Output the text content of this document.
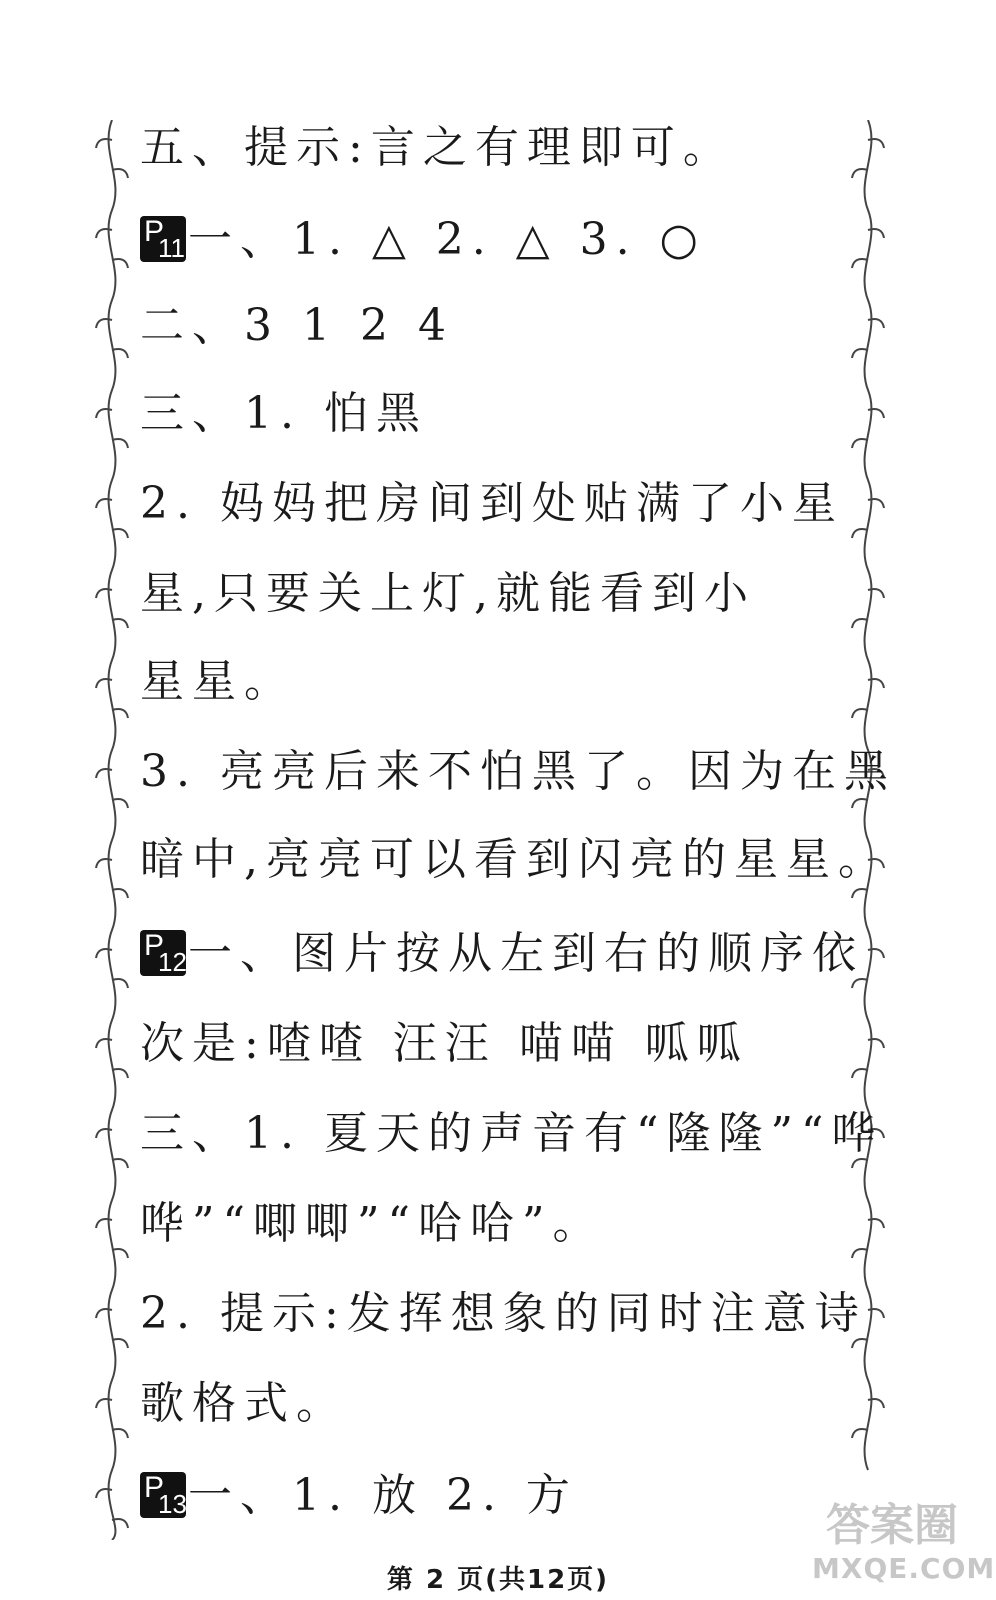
五、提示:言之有理即可。
P
11 一、1. △ 2. △ 3. ○
二、3 1 2 4
三、1. 怕黑
2. 妈妈把房间到处贴满了小星
星,只要关上灯,就能看到小
星星。
3. 亮亮后来不怕黑了。因为在黑
暗中,亮亮可以看到闪亮的星星。
P
12 一、图片按从左到右的顺序依
次是:喳喳 汪汪 喵喵 呱呱
三、1. 夏天的声音有“隆隆”“哗
哗”“唧唧”“哈哈”。
2. 提示:发挥想象的同时注意诗
歌格式。
P
13 一、1. 放 2. 方
答案圈
MXQE.COM
第 2 页(共12页)
